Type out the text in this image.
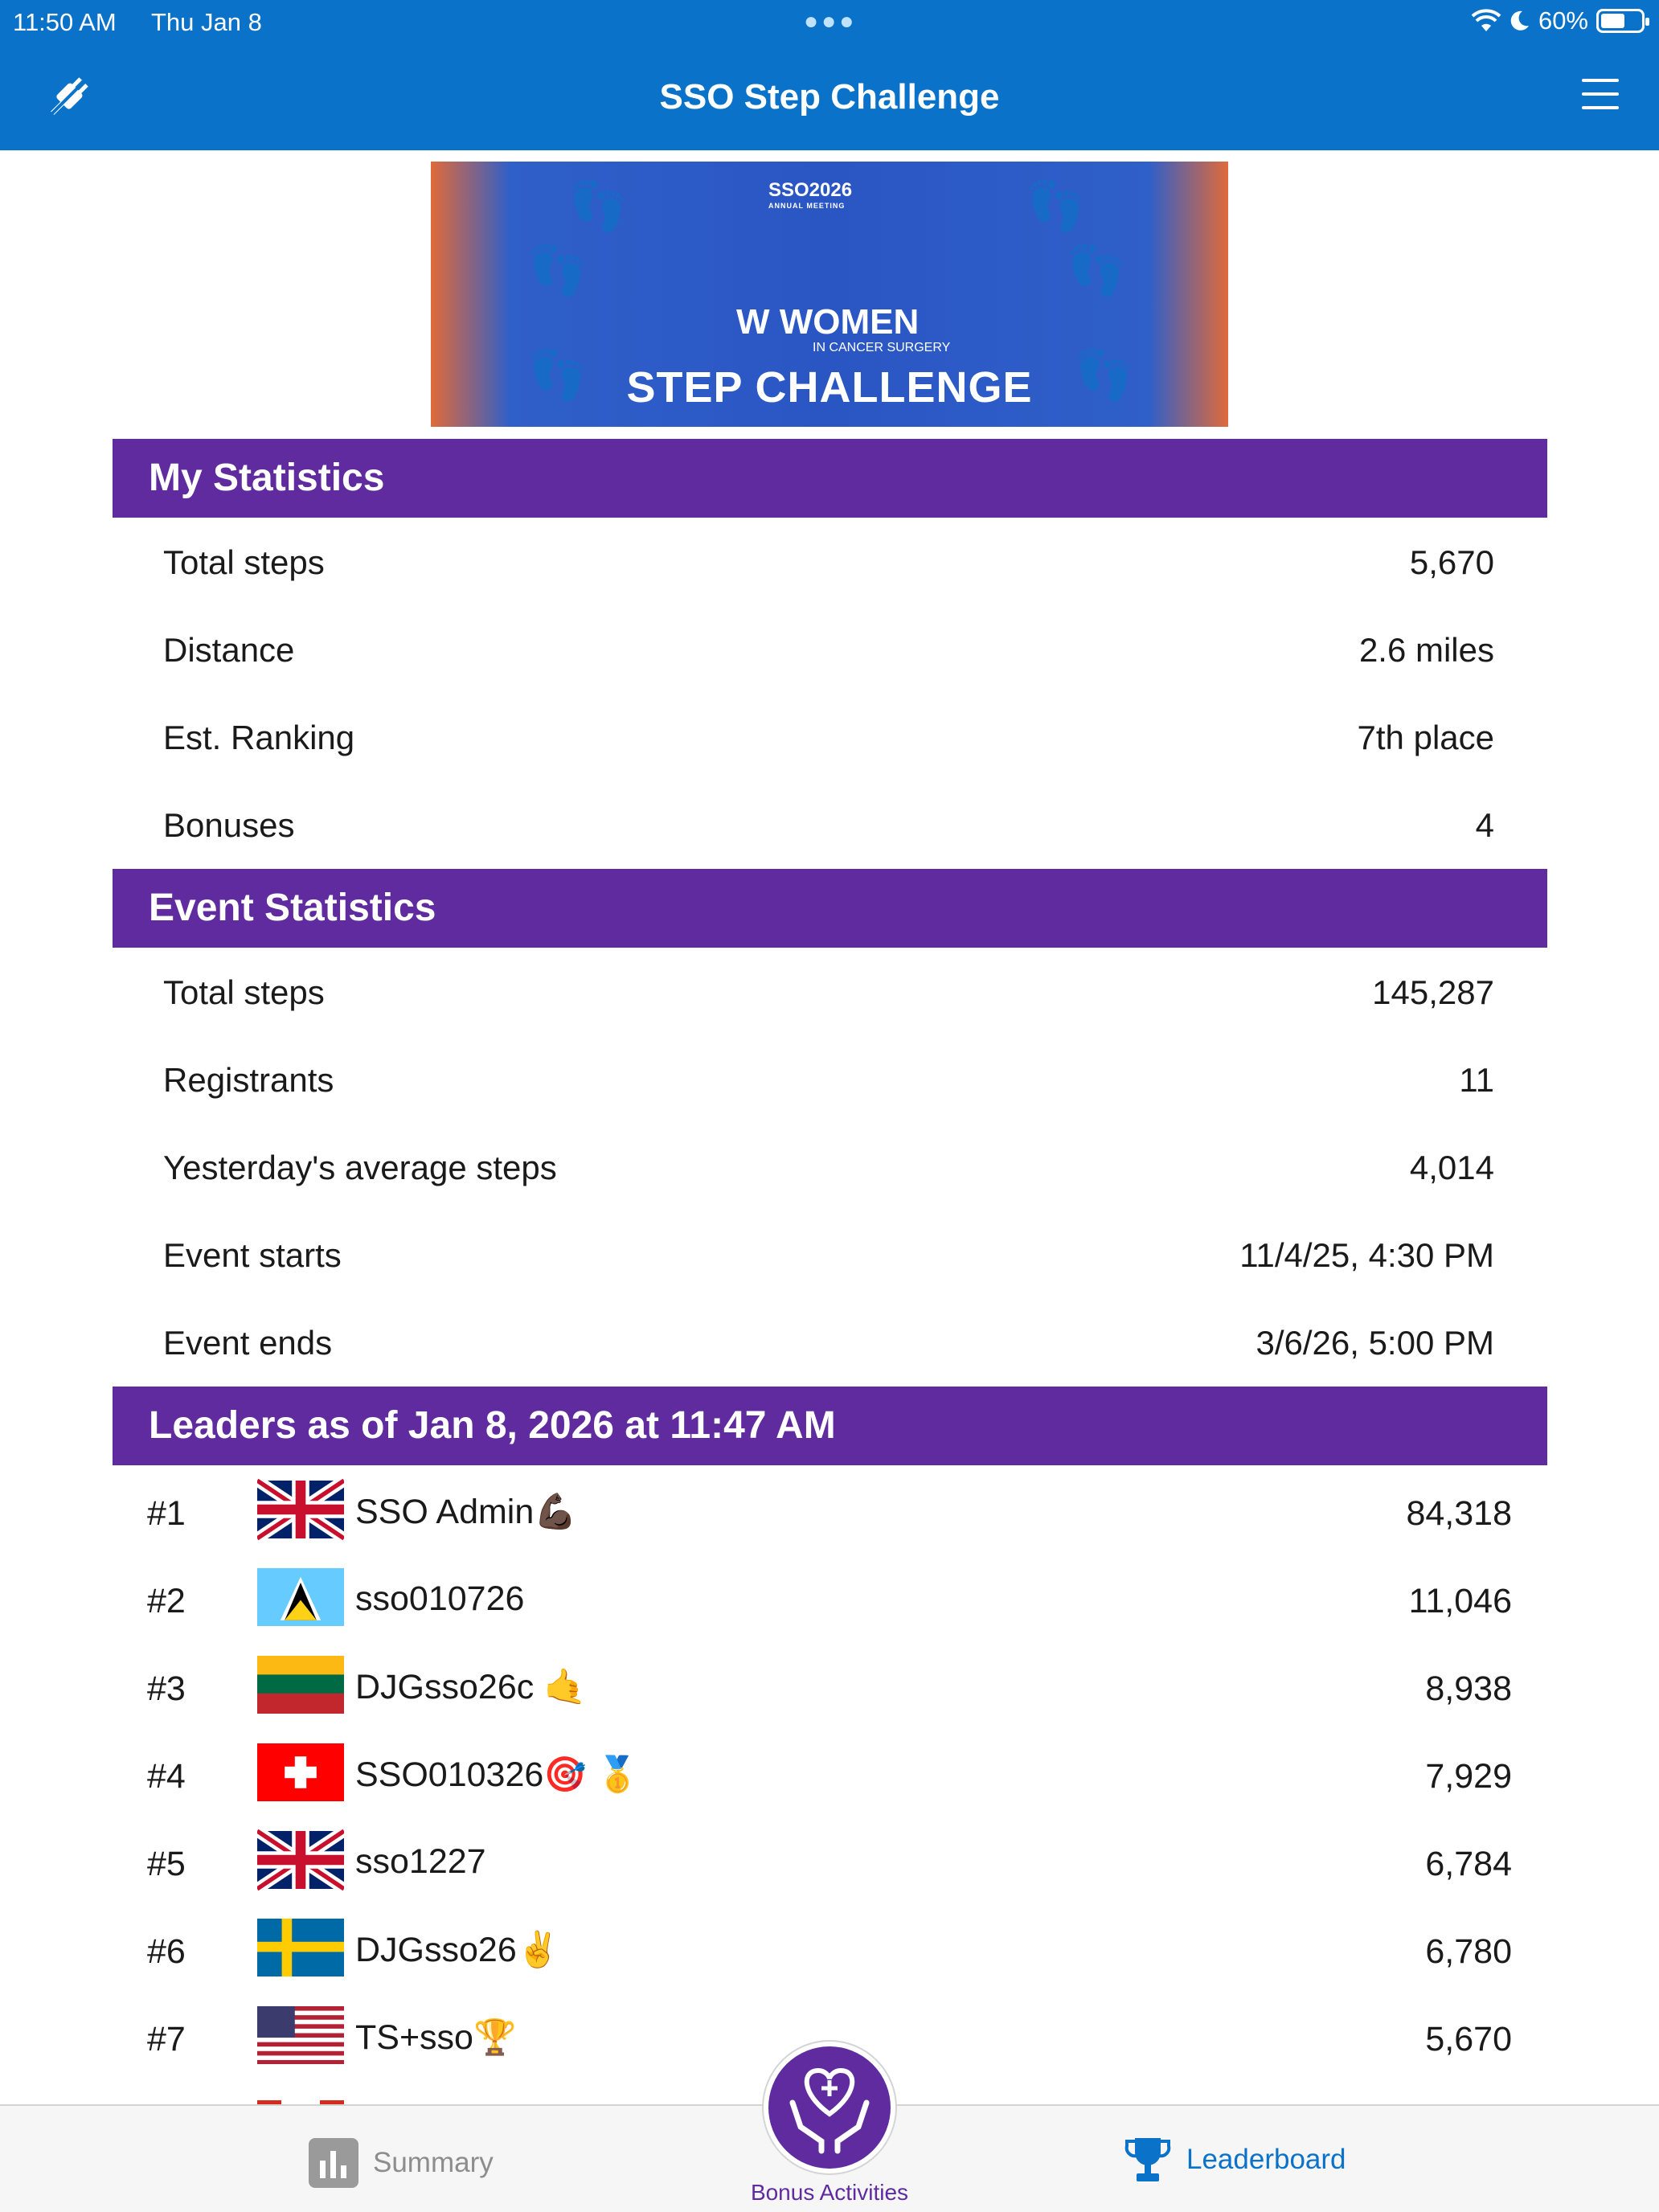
11:50 AM Thu Jan 8	●●●	60%
SSO Step Challenge
SSO2026
ANNUAL MEETING
👣
👣
👣
👣
👣
👣
W WOMEN
IN CANCER SURGERY
STEP CHALLENGE
My Statistics
Total steps	5,670
Distance	2.6 miles
Est. Ranking	7th place
Bonuses	4
Event Statistics
Total steps	145,287
Registrants	11
Yesterday's average steps	4,014
Event starts	11/4/25, 4:30 PM
Event ends	3/6/26, 5:00 PM
Leaders as of Jan 8, 2026 at 11:47 AM
#1	SSO Admin💪🏿	84,318
#2	sso010726	11,046
#3	DJGsso26c 🤙	8,938
#4	SSO010326🎯 🥇	7,929
#5	sso1227	6,784
#6	DJGsso26✌️	6,780
#7	TS+sso🏆	5,670
Summary	Leaderboard
Bonus Activities
